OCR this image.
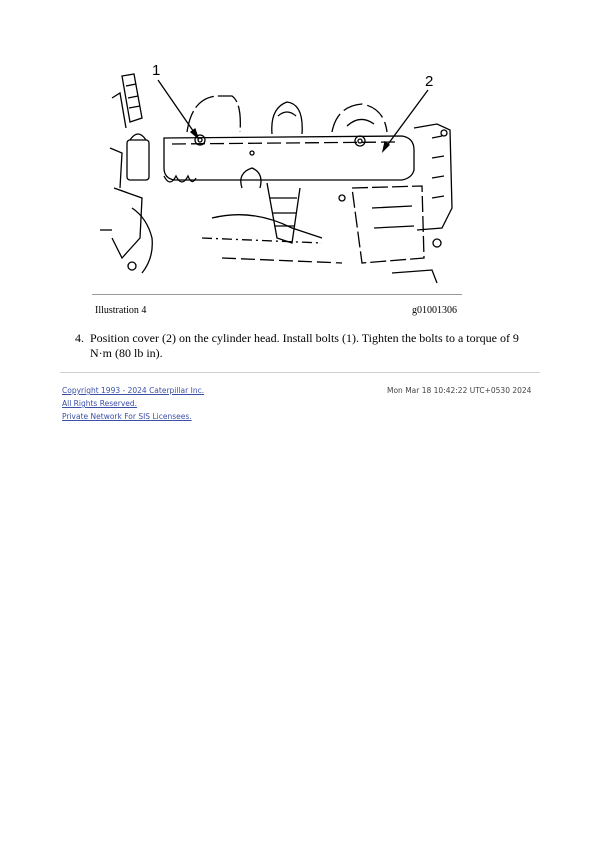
1
2
Illustration 4	g01001306
4. Position cover (2) on the cylinder head. Install bolts (1). Tighten the bolts to a torque of 9 N·m (80 lb in).
Copyright 1993 - 2024 Caterpillar Inc.
All Rights Reserved.
Private Network For SIS Licensees.
Mon Mar 18 10:42:22 UTC+0530 2024
